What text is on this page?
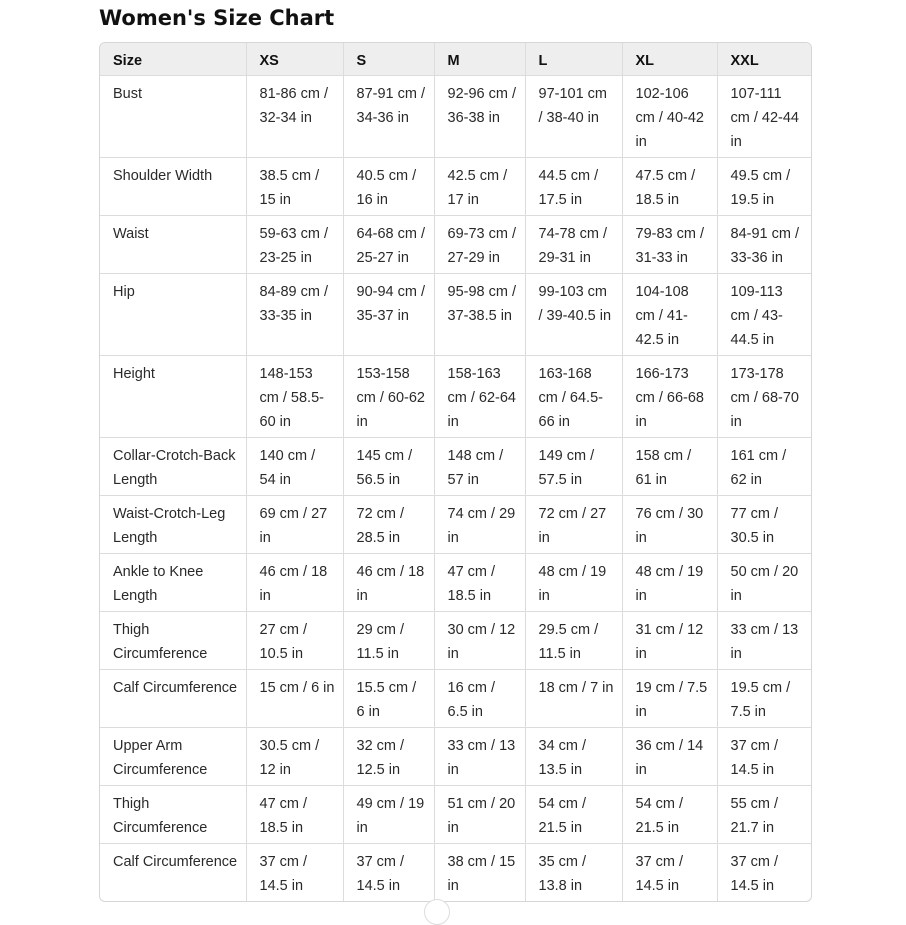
Women's Size Chart
Size	XS	S	M	L	XL	XXL
Bust	81-86 cm / 32-34 in	87-91 cm / 34-36 in	92-96 cm / 36-38 in	97-101 cm / 38-40 in	102-106 cm / 40-42 in	107-111 cm / 42-44 in
Shoulder Width	38.5 cm / 15 in	40.5 cm / 16 in	42.5 cm / 17 in	44.5 cm / 17.5 in	47.5 cm / 18.5 in	49.5 cm / 19.5 in
Waist	59-63 cm / 23-25 in	64-68 cm / 25-27 in	69-73 cm / 27-29 in	74-78 cm / 29-31 in	79-83 cm / 31-33 in	84-91 cm / 33-36 in
Hip	84-89 cm / 33-35 in	90-94 cm / 35-37 in	95-98 cm / 37-38.5 in	99-103 cm / 39-40.5 in	104-108 cm / 41-42.5 in	109-113 cm / 43-44.5 in
Height	148-153 cm / 58.5-60 in	153-158 cm / 60-62 in	158-163 cm / 62-64 in	163-168 cm / 64.5-66 in	166-173 cm / 66-68 in	173-178 cm / 68-70 in
Collar-Crotch-Back Length	140 cm / 54 in	145 cm / 56.5 in	148 cm / 57 in	149 cm / 57.5 in	158 cm / 61 in	161 cm / 62 in
Waist-Crotch-Leg Length	69 cm / 27 in	72 cm / 28.5 in	74 cm / 29 in	72 cm / 27 in	76 cm / 30 in	77 cm / 30.5 in
Ankle to Knee Length	46 cm / 18 in	46 cm / 18 in	47 cm / 18.5 in	48 cm / 19 in	48 cm / 19 in	50 cm / 20 in
Thigh Circumference	27 cm / 10.5 in	29 cm / 11.5 in	30 cm / 12 in	29.5 cm / 11.5 in	31 cm / 12 in	33 cm / 13 in
Calf Circumference	15 cm / 6 in	15.5 cm / 6 in	16 cm / 6.5 in	18 cm / 7 in	19 cm / 7.5 in	19.5 cm / 7.5 in
Upper Arm Circumference	30.5 cm / 12 in	32 cm / 12.5 in	33 cm / 13 in	34 cm / 13.5 in	36 cm / 14 in	37 cm / 14.5 in
Thigh Circumference	47 cm / 18.5 in	49 cm / 19 in	51 cm / 20 in	54 cm / 21.5 in	54 cm / 21.5 in	55 cm / 21.7 in
Calf Circumference	37 cm / 14.5 in	37 cm / 14.5 in	38 cm / 15 in	35 cm / 13.8 in	37 cm / 14.5 in	37 cm / 14.5 in
